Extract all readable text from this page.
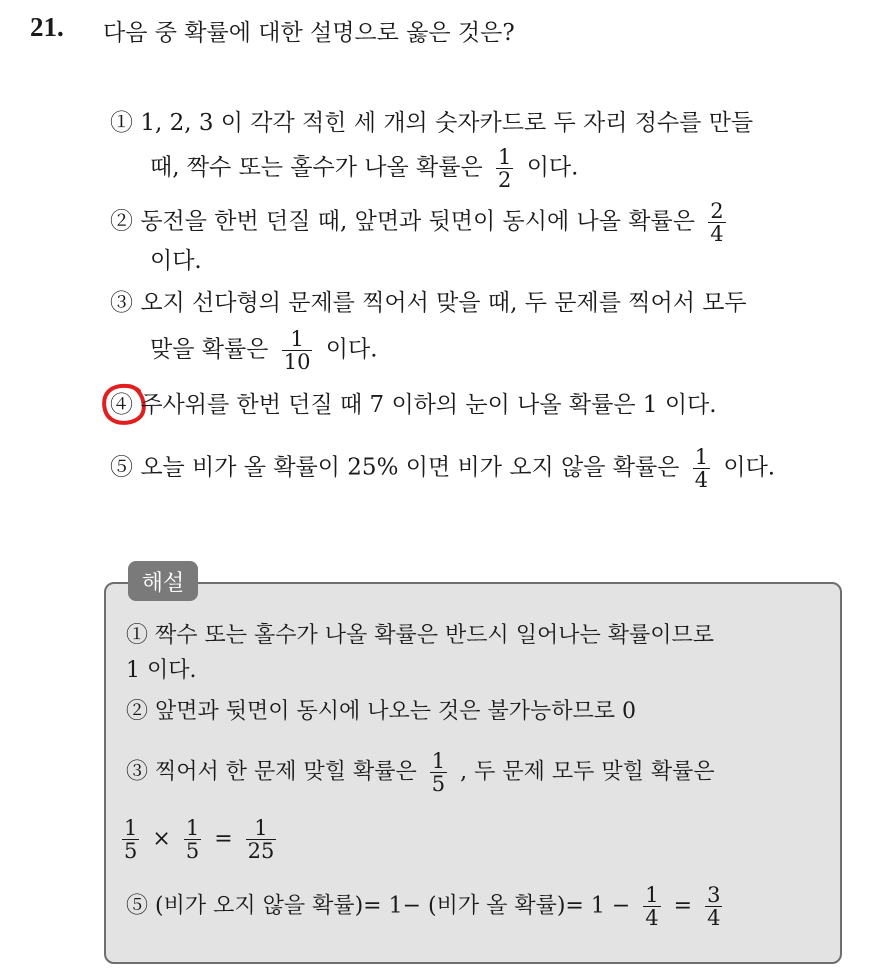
21. 다음 중 확률에 대한 설명으로 옳은 것은?
① 1, 2, 3 이 각각 적힌 세 개의 숫자카드로 두 자리 정수를 만들
때, 짝수 또는 홀수가 나올 확률은 $\frac{1}{2}$ 이다.
② 동전을 한번 던질 때, 앞면과 뒷면이 동시에 나올 확률은 $\frac{2}{4}$
이다.
③ 오지 선다형의 문제를 찍어서 맞을 때, 두 문제를 찍어서 모두
맞을 확률은 $\frac{1}{10}$ 이다.
④ 주사위를 한번 던질 때 7 이하의 눈이 나올 확률은 1 이다.
⑤ 오늘 비가 올 확률이 25% 이면 비가 오지 않을 확률은 $\frac{1}{4}$ 이다.
해설
① 짝수 또는 홀수가 나올 확률은 반드시 일어나는 확률이므로
1 이다.
② 앞면과 뒷면이 동시에 나오는 것은 불가능하므로 0
③ 찍어서 한 문제 맞힐 확률은 $\frac{1}{5}$ , 두 문제 모두 맞힐 확률은
$\frac{1}{5} \times \frac{1}{5} = \frac{1}{25}$
⑤ (비가 오지 않을 확률)= 1− (비가 올 확률)= $1 - \frac{1}{4} = \frac{3}{4}$
